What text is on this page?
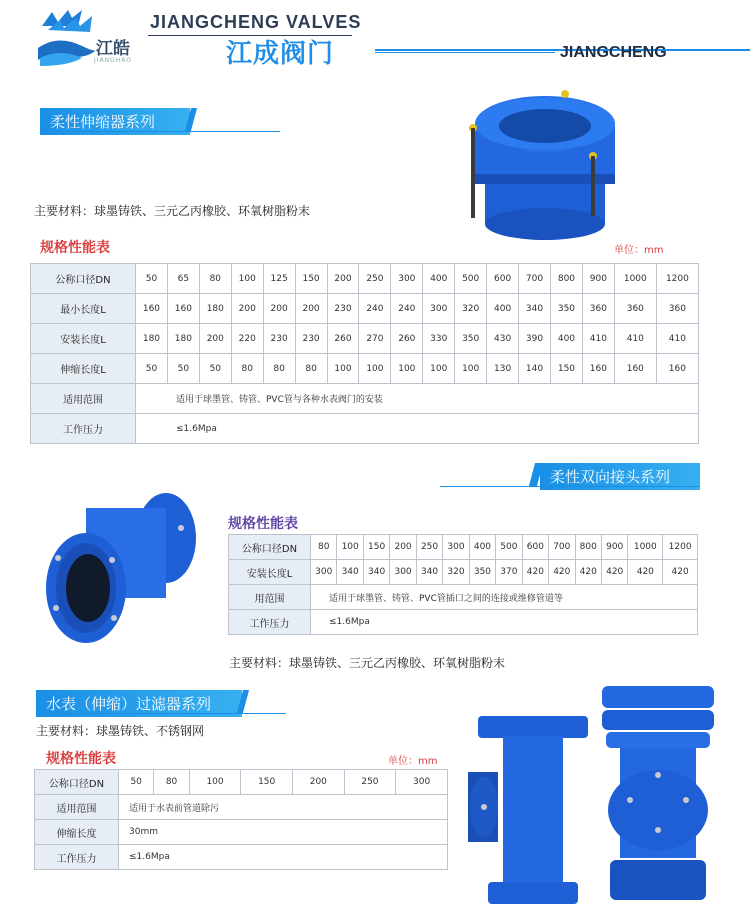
江皓
JIANGHAO
JIANGCHENG VALVES
江成阀门	JIANGCHENG
柔性伸缩器系列
主要材料：球墨铸铁、三元乙丙橡胶、环氧树脂粉末
规格性能表	单位：mm
公称口径DN	50	65	80	100	125	150	200	250	300	400	500	600	700	800	900	1000	1200
最小长度L	160	160	180	200	200	200	230	240	240	300	320	400	340	350	360	360	360
安装长度L	180	180	200	220	230	230	260	270	260	330	350	430	390	400	410	410	410
伸缩长度L	50	50	50	80	80	80	100	100	100	100	100	130	140	150	160	160	160
适用范围	适用于球墨管、铸管、PVC管与各种水表阀门的安装																
工作压力	≤1.6Mpa																
柔性双向接头系列
规格性能表
公称口径DN	80	100	150	200	250	300	400	500	600	700	800	900	1000	1200
安装长度L	300	340	340	300	340	320	350	370	420	420	420	420	420	420
用范围	适用于球墨管、铸管、PVC管插口之间的连接或维修管道等													
工作压力	≤1.6Mpa													
主要材料：球墨铸铁、三元乙丙橡胶、环氧树脂粉末
水表（伸缩）过滤器系列
主要材料：球墨铸铁、不锈钢网
规格性能表	单位：mm
公称口径DN	50	80	100	150	200	250	300
适用范围	适用于水表前管道除污						
伸缩长度	30mm						
工作压力	≤1.6Mpa						
